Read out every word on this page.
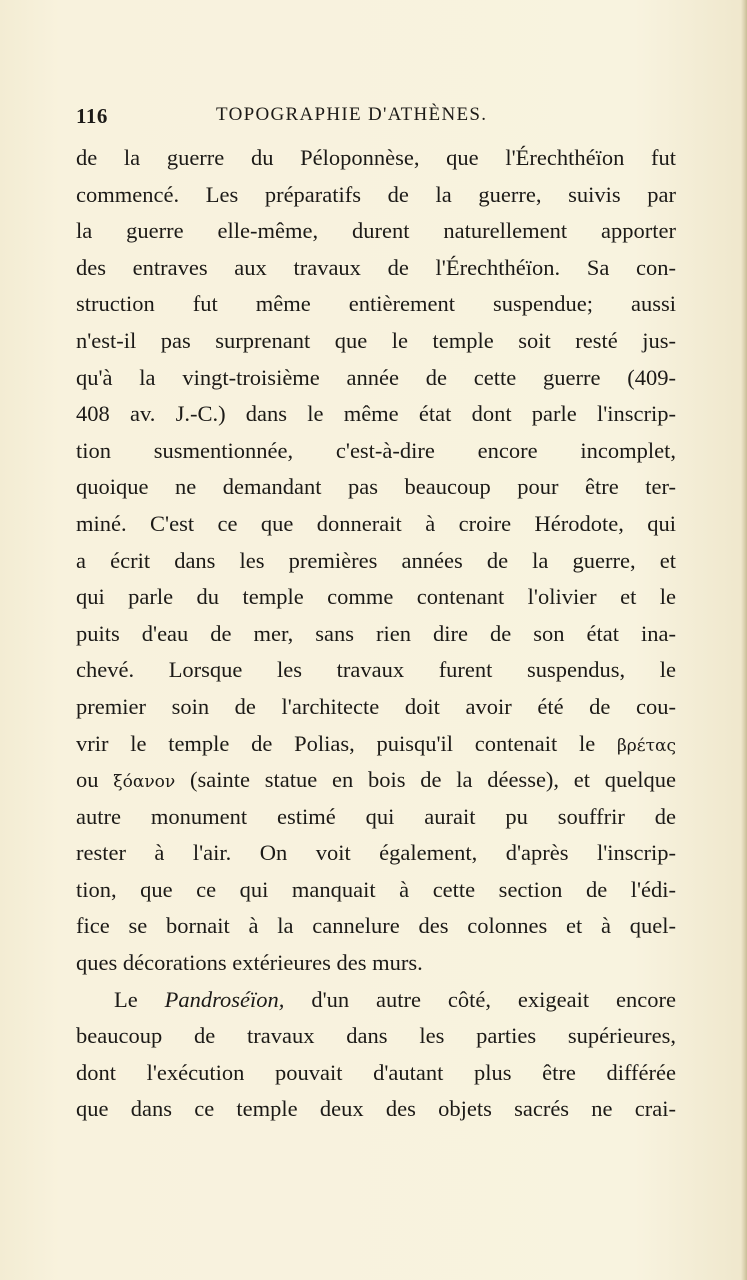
116	TOPOGRAPHIE D'ATHÈNES.
de la guerre du Péloponnèse, que l'Érechthéïon fut
commencé. Les préparatifs de la guerre, suivis par
la guerre elle-même, durent naturellement apporter
des entraves aux travaux de l'Érechthéïon. Sa con-
struction fut même entièrement suspendue; aussi
n'est-il pas surprenant que le temple soit resté jus-
qu'à la vingt-troisième année de cette guerre (409-
408 av. J.-C.) dans le même état dont parle l'inscrip-
tion susmentionnée, c'est-à-dire encore incomplet,
quoique ne demandant pas beaucoup pour être ter-
miné. C'est ce que donnerait à croire Hérodote, qui
a écrit dans les premières années de la guerre, et
qui parle du temple comme contenant l'olivier et le
puits d'eau de mer, sans rien dire de son état ina-
chevé. Lorsque les travaux furent suspendus, le
premier soin de l'architecte doit avoir été de cou-
vrir le temple de Polias, puisqu'il contenait le βρέτας
ou ξόανον (sainte statue en bois de la déesse), et quelque
autre monument estimé qui aurait pu souffrir de
rester à l'air. On voit également, d'après l'inscrip-
tion, que ce qui manquait à cette section de l'édi-
fice se bornait à la cannelure des colonnes et à quel-
ques décorations extérieures des murs.
Le Pandroséïon, d'un autre côté, exigeait encore
beaucoup de travaux dans les parties supérieures,
dont l'exécution pouvait d'autant plus être différée
que dans ce temple deux des objets sacrés ne crai-
